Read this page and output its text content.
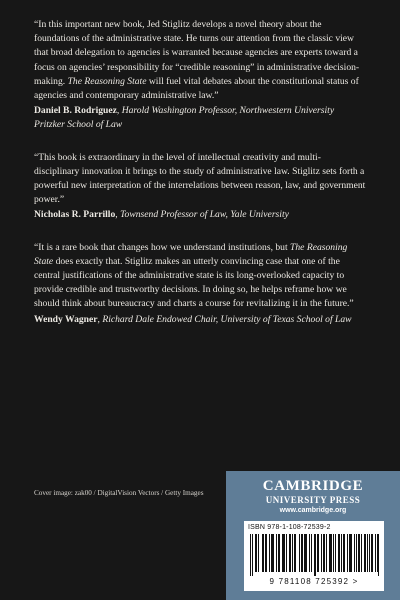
“In this important new book, Jed Stiglitz develops a novel theory about the foundations of the administrative state. He turns our attention from the classic view that broad delegation to agencies is warranted because agencies are experts toward a focus on agencies’ responsibility for “credible reasoning” in administrative decision-making. The Reasoning State will fuel vital debates about the constitutional status of agencies and contemporary administrative law.”

Daniel B. Rodriguez, Harold Washington Professor, Northwestern University Pritzker School of Law

“This book is extraordinary in the level of intellectual creativity and multi-disciplinary innovation it brings to the study of administrative law. Stiglitz sets forth a powerful new interpretation of the interrelations between reason, law, and government power.”

Nicholas R. Parrillo, Townsend Professor of Law, Yale University

“It is a rare book that changes how we understand institutions, but The Reasoning State does exactly that. Stiglitz makes an utterly convincing case that one of the central justifications of the administrative state is its long-overlooked capacity to provide credible and trustworthy decisions. In doing so, he helps reframe how we should think about bureaucracy and charts a course for revitalizing it in the future.”

Wendy Wagner, Richard Dale Endowed Chair, University of Texas School of Law

Cover image: zak00 / DigitalVision Vectors / Getty Images	CAMBRIDGE
UNIVERSITY PRESS
www.cambridge.org
ISBN 978-1-108-72539-2
9 781108 725392 >
